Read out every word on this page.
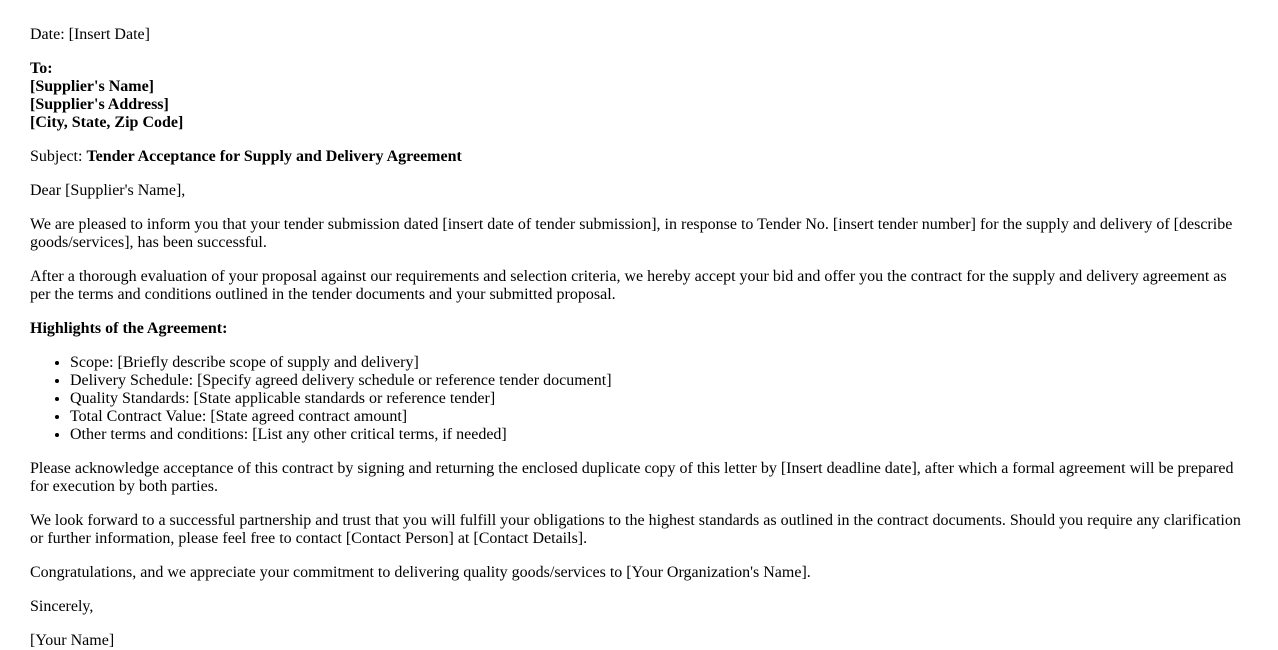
Date: [Insert Date]

To:
[Supplier's Name]
[Supplier's Address]
[City, State, Zip Code]

Subject: Tender Acceptance for Supply and Delivery Agreement

Dear [Supplier's Name],

We are pleased to inform you that your tender submission dated [insert date of tender submission], in response to Tender No. [insert tender number] for the supply and delivery of [describe goods/services], has been successful.

After a thorough evaluation of your proposal against our requirements and selection criteria, we hereby accept your bid and offer you the contract for the supply and delivery agreement as per the terms and conditions outlined in the tender documents and your submitted proposal.

Highlights of the Agreement:

• Scope: [Briefly describe scope of supply and delivery]
• Delivery Schedule: [Specify agreed delivery schedule or reference tender document]
• Quality Standards: [State applicable standards or reference tender]
• Total Contract Value: [State agreed contract amount]
• Other terms and conditions: [List any other critical terms, if needed]

Please acknowledge acceptance of this contract by signing and returning the enclosed duplicate copy of this letter by [Insert deadline date], after which a formal agreement will be prepared for execution by both parties.

We look forward to a successful partnership and trust that you will fulfill your obligations to the highest standards as outlined in the contract documents. Should you require any clarification or further information, please feel free to contact [Contact Person] at [Contact Details].

Congratulations, and we appreciate your commitment to delivering quality goods/services to [Your Organization's Name].

Sincerely,

[Your Name]
